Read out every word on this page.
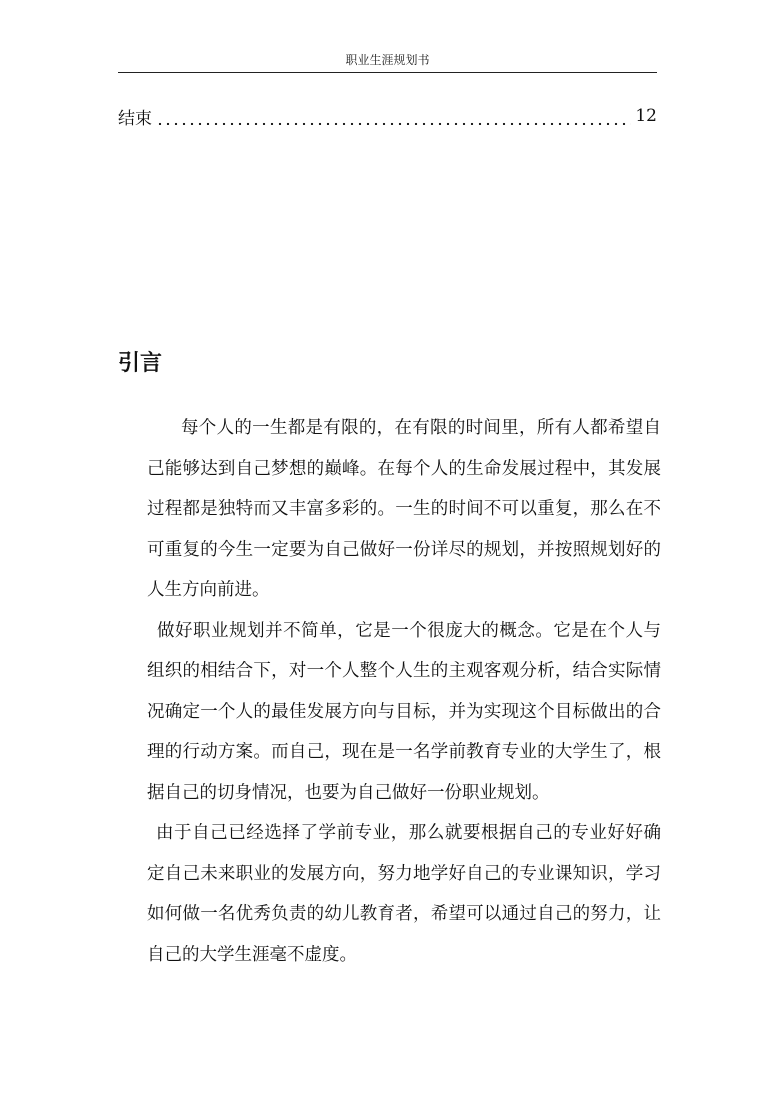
职业生涯规划书
结束	12
引言

每个人的一生都是有限的，在有限的时间里，所有人都希望自己能够达到自己梦想的巅峰。在每个人的生命发展过程中，其发展过程都是独特而又丰富多彩的。一生的时间不可以重复，那么在不可重复的今生一定要为自己做好一份详尽的规划，并按照规划好的人生方向前进。

做好职业规划并不简单，它是一个很庞大的概念。它是在个人与组织的相结合下，对一个人整个人生的主观客观分析，结合实际情况确定一个人的最佳发展方向与目标，并为实现这个目标做出的合理的行动方案。而自己，现在是一名学前教育专业的大学生了，根据自己的切身情况，也要为自己做好一份职业规划。

由于自己已经选择了学前专业，那么就要根据自己的专业好好确定自己未来职业的发展方向，努力地学好自己的专业课知识，学习如何做一名优秀负责的幼儿教育者，希望可以通过自己的努力，让自己的大学生涯毫不虚度。
